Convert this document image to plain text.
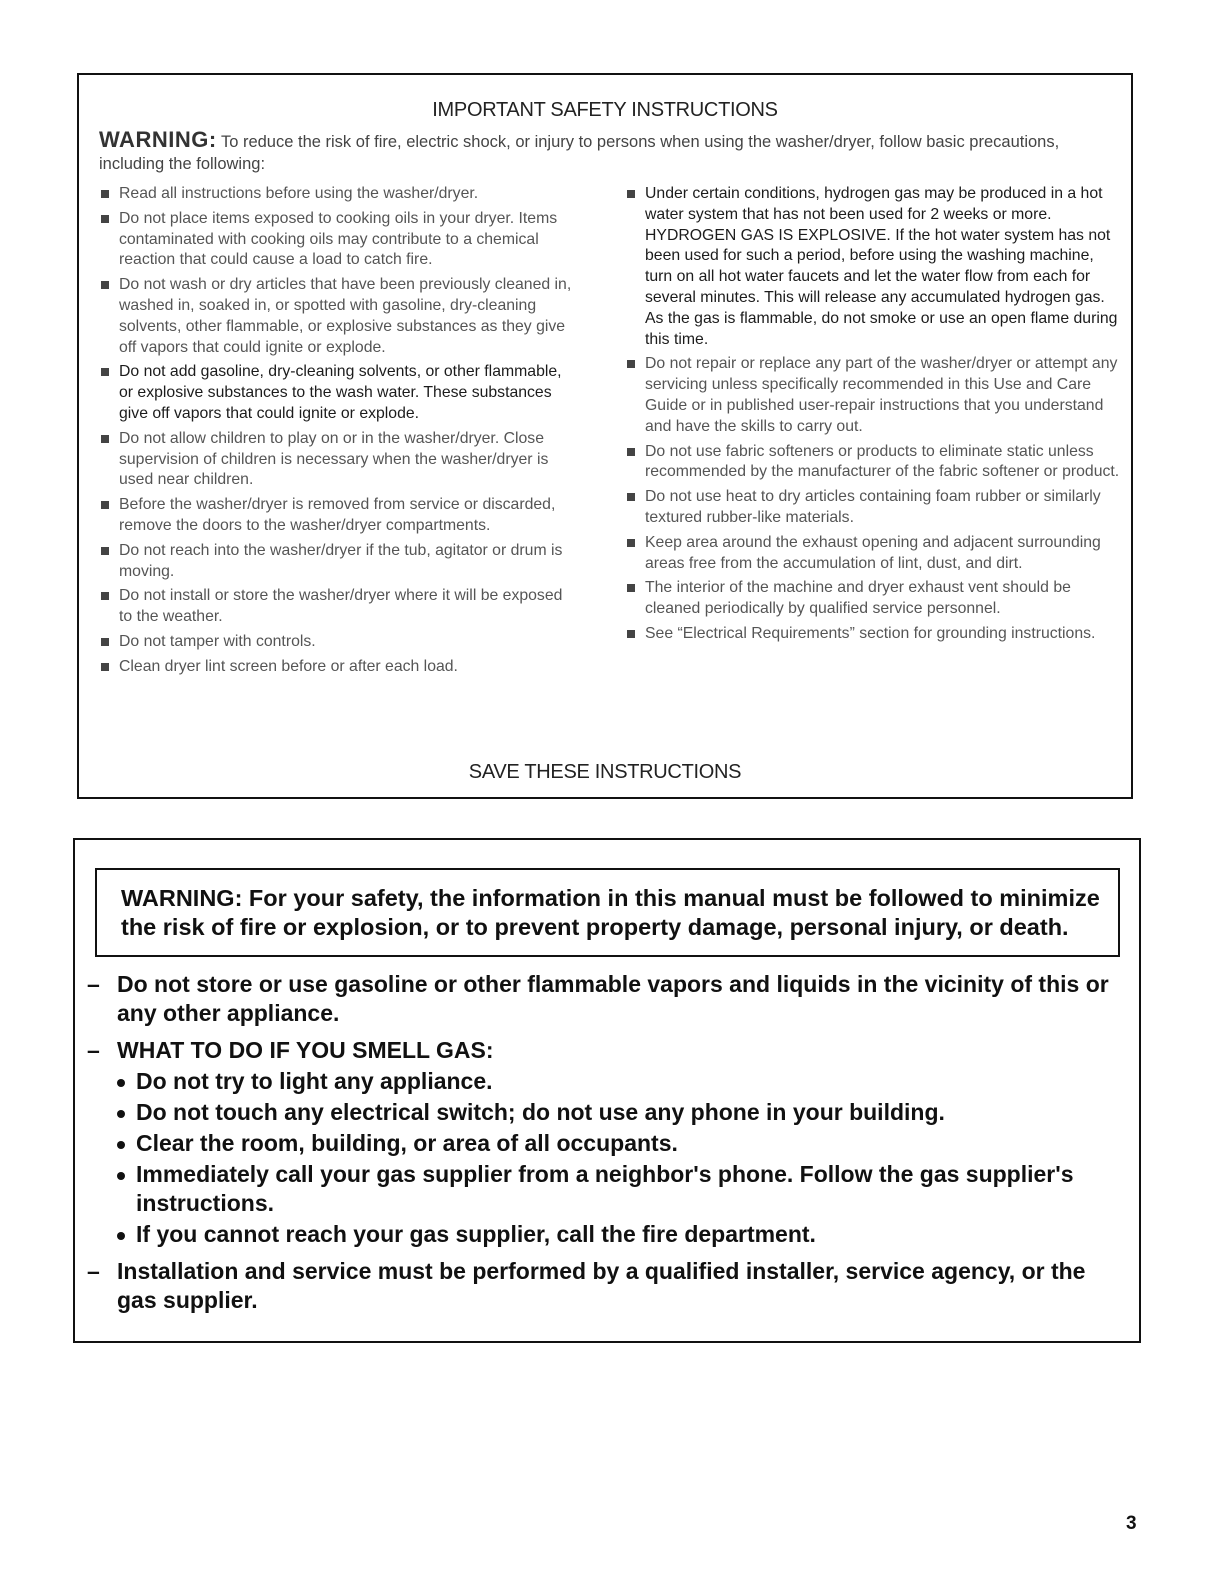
IMPORTANT SAFETY INSTRUCTIONS
WARNING: To reduce the risk of fire, electric shock, or injury to persons when using the washer/dryer, follow basic precautions, including the following:
Read all instructions before using the washer/dryer.
Do not place items exposed to cooking oils in your dryer. Items contaminated with cooking oils may contribute to a chemical reaction that could cause a load to catch fire.
Do not wash or dry articles that have been previously cleaned in, washed in, soaked in, or spotted with gasoline, dry-cleaning solvents, other flammable, or explosive substances as they give off vapors that could ignite or explode.
Do not add gasoline, dry-cleaning solvents, or other flammable, or explosive substances to the wash water. These substances give off vapors that could ignite or explode.
Do not allow children to play on or in the washer/dryer. Close supervision of children is necessary when the washer/dryer is used near children.
Before the washer/dryer is removed from service or discarded, remove the doors to the washer/dryer compartments.
Do not reach into the washer/dryer if the tub, agitator or drum is moving.
Do not install or store the washer/dryer where it will be exposed to the weather.
Do not tamper with controls.
Clean dryer lint screen before or after each load.
Under certain conditions, hydrogen gas may be produced in a hot water system that has not been used for 2 weeks or more. HYDROGEN GAS IS EXPLOSIVE. If the hot water system has not been used for such a period, before using the washing machine, turn on all hot water faucets and let the water flow from each for several minutes. This will release any accumulated hydrogen gas. As the gas is flammable, do not smoke or use an open flame during this time.
Do not repair or replace any part of the washer/dryer or attempt any servicing unless specifically recommended in this Use and Care Guide or in published user-repair instructions that you understand and have the skills to carry out.
Do not use fabric softeners or products to eliminate static unless recommended by the manufacturer of the fabric softener or product.
Do not use heat to dry articles containing foam rubber or similarly textured rubber-like materials.
Keep area around the exhaust opening and adjacent surrounding areas free from the accumulation of lint, dust, and dirt.
The interior of the machine and dryer exhaust vent should be cleaned periodically by qualified service personnel.
See “Electrical Requirements” section for grounding instructions.
SAVE THESE INSTRUCTIONS
WARNING: For your safety, the information in this manual must be followed to minimize the risk of fire or explosion, or to prevent property damage, personal injury, or death.
– Do not store or use gasoline or other flammable vapors and liquids in the vicinity of this or any other appliance.
– WHAT TO DO IF YOU SMELL GAS:
Do not try to light any appliance.
Do not touch any electrical switch; do not use any phone in your building.
Clear the room, building, or area of all occupants.
Immediately call your gas supplier from a neighbor's phone. Follow the gas supplier's instructions.
If you cannot reach your gas supplier, call the fire department.
– Installation and service must be performed by a qualified installer, service agency, or the gas supplier.
3
